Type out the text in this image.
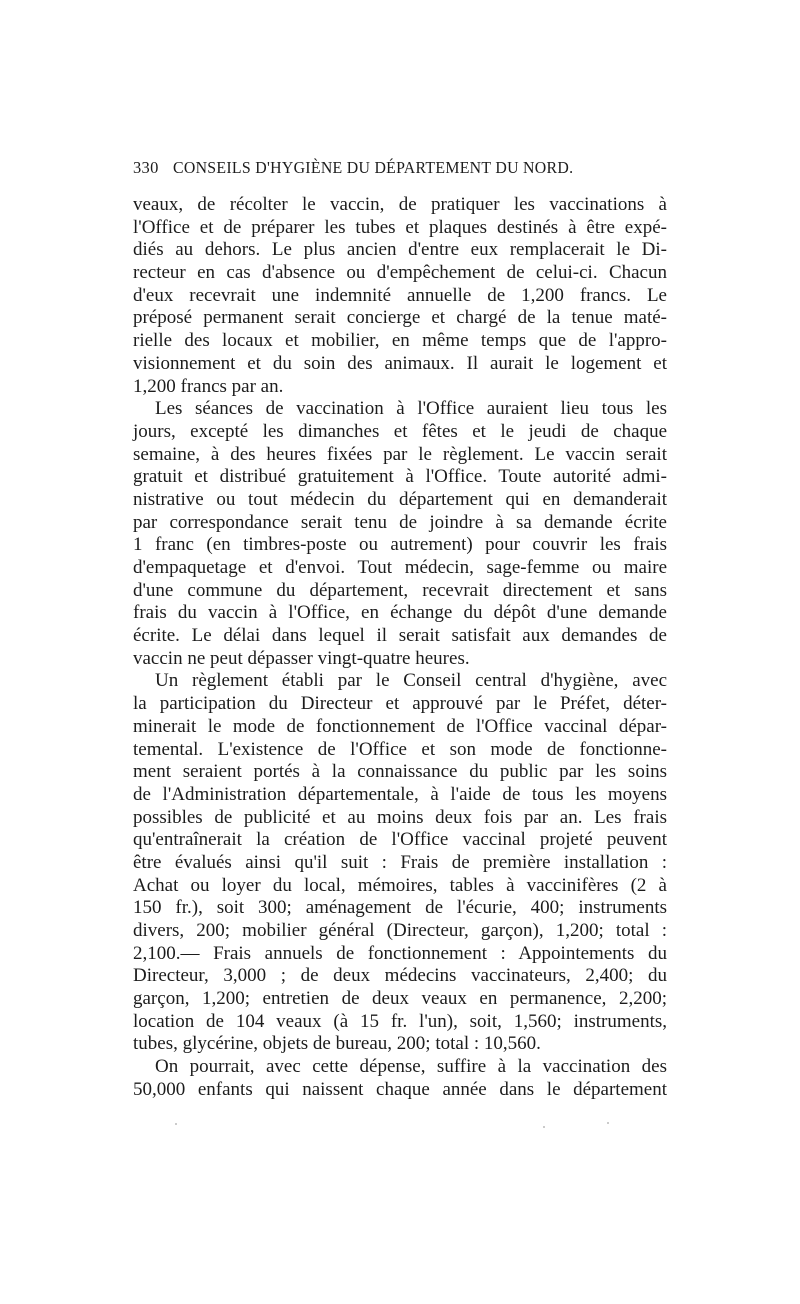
330 CONSEILS D'HYGIÈNE DU DÉPARTEMENT DU NORD.
veaux, de récolter le vaccin, de pratiquer les vaccinations à
l'Office et de préparer les tubes et plaques destinés à être expé-
diés au dehors. Le plus ancien d'entre eux remplacerait le Di-
recteur en cas d'absence ou d'empêchement de celui-ci. Chacun
d'eux recevrait une indemnité annuelle de 1,200 francs. Le
préposé permanent serait concierge et chargé de la tenue maté-
rielle des locaux et mobilier, en même temps que de l'appro-
visionnement et du soin des animaux. Il aurait le logement et
1,200 francs par an.
Les séances de vaccination à l'Office auraient lieu tous les
jours, excepté les dimanches et fêtes et le jeudi de chaque
semaine, à des heures fixées par le règlement. Le vaccin serait
gratuit et distribué gratuitement à l'Office. Toute autorité admi-
nistrative ou tout médecin du département qui en demanderait
par correspondance serait tenu de joindre à sa demande écrite
1 franc (en timbres-poste ou autrement) pour couvrir les frais
d'empaquetage et d'envoi. Tout médecin, sage-femme ou maire
d'une commune du département, recevrait directement et sans
frais du vaccin à l'Office, en échange du dépôt d'une demande
écrite. Le délai dans lequel il serait satisfait aux demandes de
vaccin ne peut dépasser vingt-quatre heures.
Un règlement établi par le Conseil central d'hygiène, avec
la participation du Directeur et approuvé par le Préfet, déter-
minerait le mode de fonctionnement de l'Office vaccinal dépar-
temental. L'existence de l'Office et son mode de fonctionne-
ment seraient portés à la connaissance du public par les soins
de l'Administration départementale, à l'aide de tous les moyens
possibles de publicité et au moins deux fois par an. Les frais
qu'entraînerait la création de l'Office vaccinal projeté peuvent
être évalués ainsi qu'il suit : Frais de première installation :
Achat ou loyer du local, mémoires, tables à vaccinifères (2 à
150 fr.), soit 300; aménagement de l'écurie, 400; instruments
divers, 200; mobilier général (Directeur, garçon), 1,200; total :
2,100.— Frais annuels de fonctionnement : Appointements du
Directeur, 3,000 ; de deux médecins vaccinateurs, 2,400; du
garçon, 1,200; entretien de deux veaux en permanence, 2,200;
location de 104 veaux (à 15 fr. l'un), soit, 1,560; instruments,
tubes, glycérine, objets de bureau, 200; total : 10,560.
On pourrait, avec cette dépense, suffire à la vaccination des
50,000 enfants qui naissent chaque année dans le département
